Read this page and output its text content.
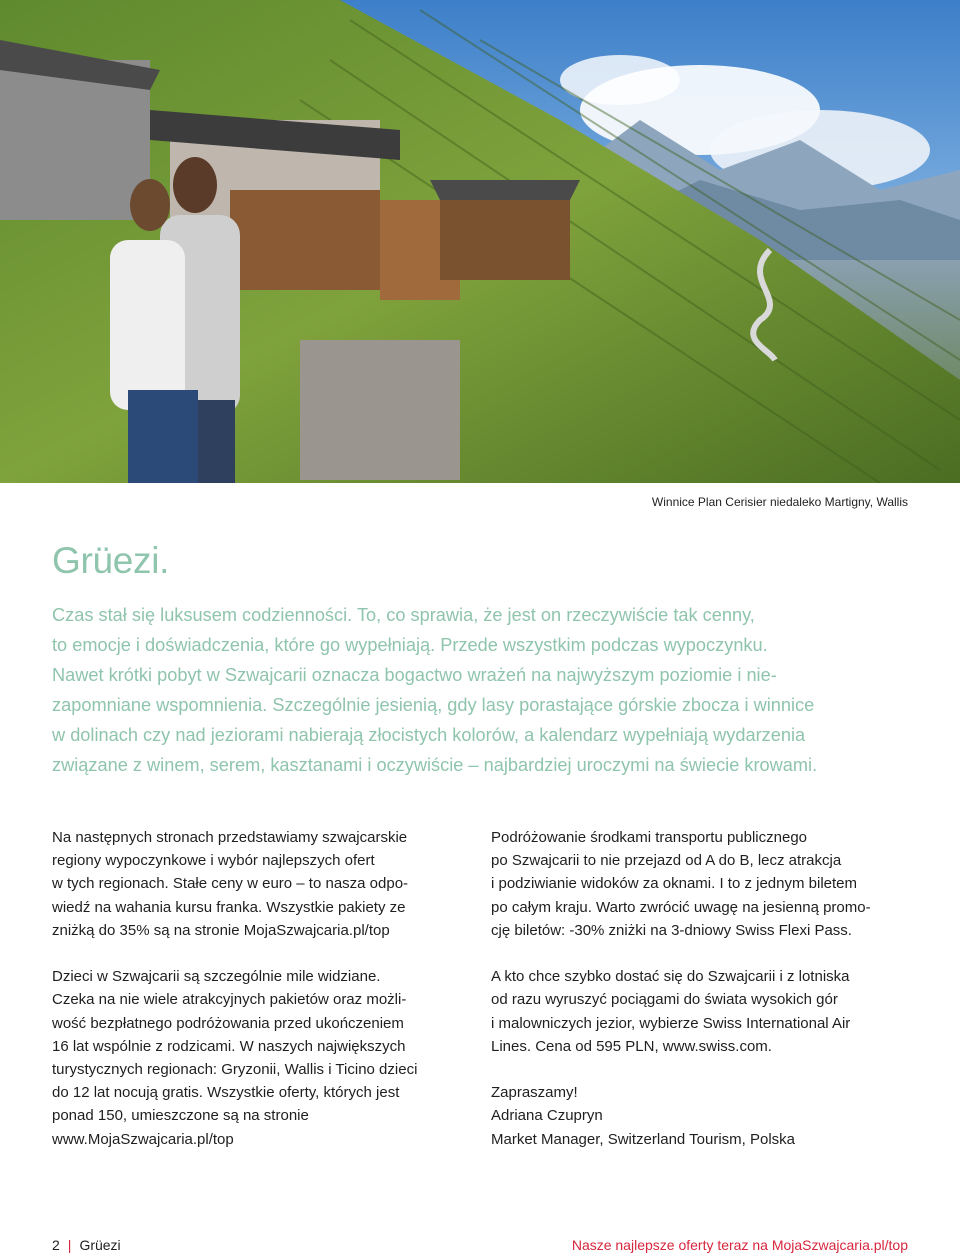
Winnice Plan Cerisier niedaleko Martigny, Wallis
Grüezi.

Czas stał się luksusem codzienności. To, co sprawia, że jest on rzeczywiście tak cenny,
to emocje i doświadczenia, które go wypełniają. Przede wszystkim podczas wypoczynku.
Nawet krótki pobyt w Szwajcarii oznacza bogactwo wrażeń na najwyższym poziomie i nie-
zapomniane wspomnienia. Szczególnie jesienią, gdy lasy porastające górskie zbocza i winnice
w dolinach czy nad jeziorami nabierają złocistych kolorów, a kalendarz wypełniają wydarzenia
związane z winem, serem, kasztanami i oczywiście – najbardziej uroczymi na świecie krowami.

Na następnych stronach przedstawiamy szwajcarskie
regiony wypoczynkowe i wybór najlepszych ofert
w tych regionach. Stałe ceny w euro – to nasza odpo-
wiedź na wahania kursu franka. Wszystkie pakiety ze
zniżką do 35% są na stronie MojaSzwajcaria.pl/top

Dzieci w Szwajcarii są szczególnie mile widziane.
Czeka na nie wiele atrakcyjnych pakietów oraz możli-
wość bezpłatnego podróżowania przed ukończeniem
16 lat wspólnie z rodzicami. W naszych największych
turystycznych regionach: Gryzonii, Wallis i Ticino dzieci
do 12 lat nocują gratis. Wszystkie oferty, których jest
ponad 150, umieszczone są na stronie
www.MojaSzwajcaria.pl/top

Podróżowanie środkami transportu publicznego
po Szwajcarii to nie przejazd od A do B, lecz atrakcja
i podziwianie widoków za oknami. I to z jednym biletem
po całym kraju. Warto zwrócić uwagę na jesienną promo-
cję biletów: -30% zniżki na 3-dniowy Swiss Flexi Pass.

A kto chce szybko dostać się do Szwajcarii i z lotniska
od razu wyruszyć pociągami do świata wysokich gór
i malowniczych jezior, wybierze Swiss International Air
Lines. Cena od 595 PLN, www.swiss.com.

Zapraszamy!
Adriana Czupryn
Market Manager, Switzerland Tourism, Polska

2 | Grüezi	Nasze najlepsze oferty teraz na MojaSzwajcaria.pl/top
